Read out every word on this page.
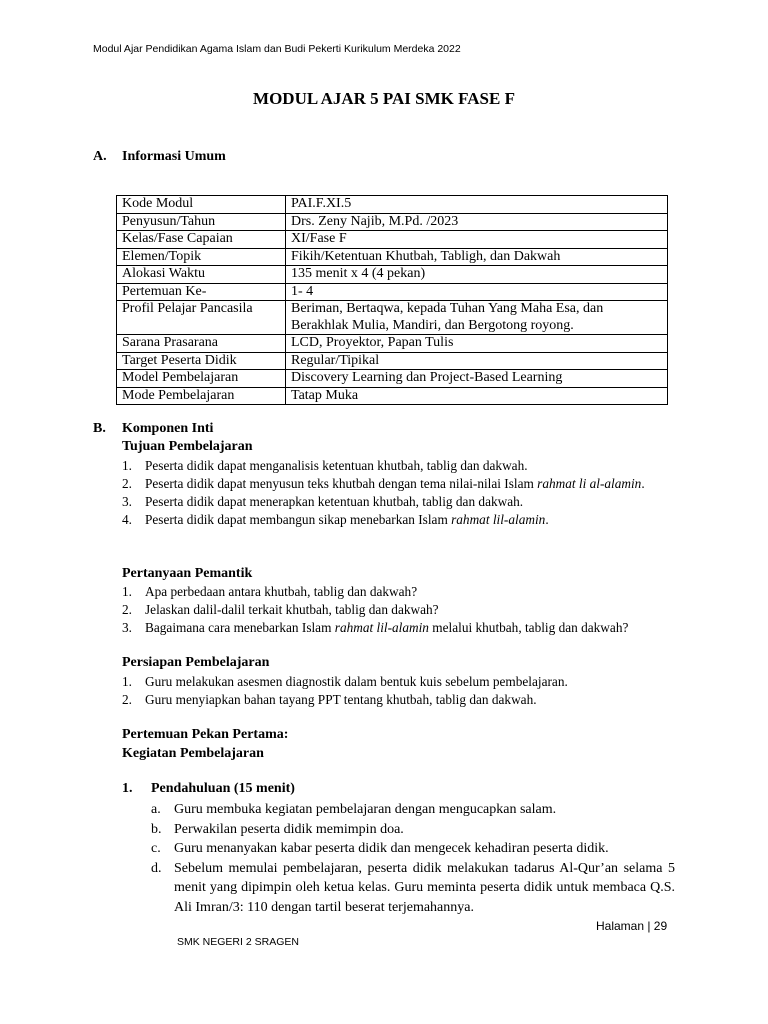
Modul Ajar Pendidikan Agama Islam dan Budi Pekerti Kurikulum Merdeka 2022
MODUL AJAR 5 PAI SMK FASE F
A. Informasi Umum
Kode Modul	PAI.F.XI.5
Penyusun/Tahun	Drs. Zeny Najib, M.Pd. /2023
Kelas/Fase Capaian	XI/Fase F
Elemen/Topik	Fikih/Ketentuan Khutbah, Tabligh, dan Dakwah
Alokasi Waktu	135 menit x 4 (4 pekan)
Pertemuan Ke-	1- 4
Profil Pelajar Pancasila	Beriman, Bertaqwa, kepada Tuhan Yang Maha Esa, dan Berakhlak Mulia, Mandiri, dan Bergotong royong.
Sarana Prasarana	LCD, Proyektor, Papan Tulis
Target Peserta Didik	Regular/Tipikal
Model Pembelajaran	Discovery Learning dan Project-Based Learning
Mode Pembelajaran	Tatap Muka
B. Komponen Inti
Tujuan Pembelajaran
1. Peserta didik dapat menganalisis ketentuan khutbah, tablig dan dakwah.
2. Peserta didik dapat menyusun teks khutbah dengan tema nilai-nilai Islam rahmat li al-alamin.
3. Peserta didik dapat menerapkan ketentuan khutbah, tablig dan dakwah.
4. Peserta didik dapat membangun sikap menebarkan Islam rahmat lil-alamin.
Pertanyaan Pemantik
1. Apa perbedaan antara khutbah, tablig dan dakwah?
2. Jelaskan dalil-dalil terkait khutbah, tablig dan dakwah?
3. Bagaimana cara menebarkan Islam rahmat lil-alamin melalui khutbah, tablig dan dakwah?
Persiapan Pembelajaran
1. Guru melakukan asesmen diagnostik dalam bentuk kuis sebelum pembelajaran.
2. Guru menyiapkan bahan tayang PPT tentang khutbah, tablig dan dakwah.
Pertemuan Pekan Pertama:
Kegiatan Pembelajaran
1. Pendahuluan (15 menit)
a. Guru membuka kegiatan pembelajaran dengan mengucapkan salam.
b. Perwakilan peserta didik memimpin doa.
c. Guru menanyakan kabar peserta didik dan mengecek kehadiran peserta didik.
d. Sebelum memulai pembelajaran, peserta didik melakukan tadarus Al-Qur’an selama 5 menit yang dipimpin oleh ketua kelas. Guru meminta peserta didik untuk membaca Q.S. Ali Imran/3: 110 dengan tartil beserat terjemahannya.
Halaman | 29
SMK NEGERI 2 SRAGEN
